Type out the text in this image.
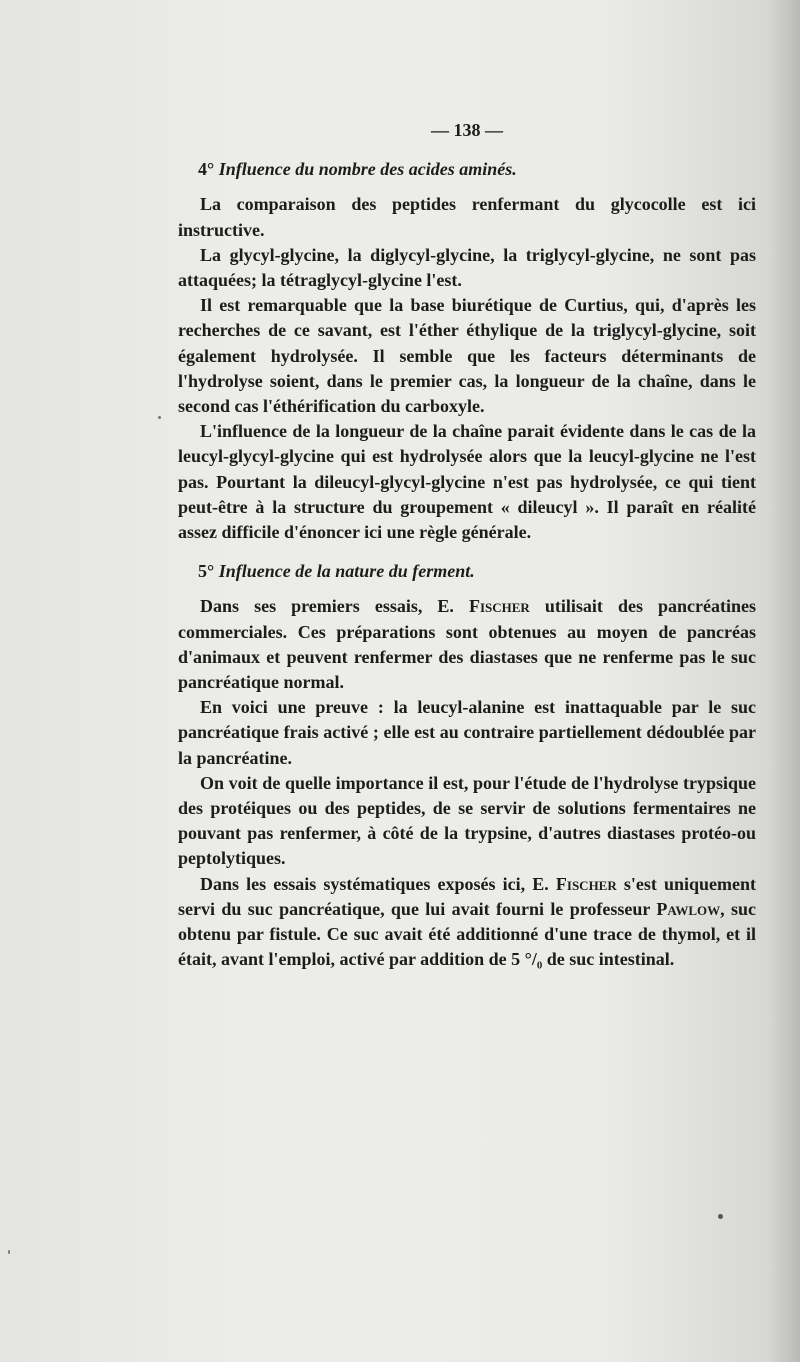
— 138 —
4° Influence du nombre des acides aminés.

La comparaison des peptides renfermant du glycocolle est ici instructive.

La glycyl-glycine, la diglycyl-glycine, la triglycyl-glycine, ne sont pas attaquées; la tétraglycyl-glycine l'est.

Il est remarquable que la base biurétique de Curtius, qui, d'après les recherches de ce savant, est l'éther éthylique de la triglycyl-glycine, soit également hydrolysée. Il semble que les facteurs déterminants de l'hydrolyse soient, dans le premier cas, la longueur de la chaîne, dans le second cas l'éthérification du carboxyle.

L'influence de la longueur de la chaîne parait évidente dans le cas de la leucyl-glycyl-glycine qui est hydrolysée alors que la leucyl-glycine ne l'est pas. Pourtant la dileucyl-glycyl-glycine n'est pas hydrolysée, ce qui tient peut-être à la structure du groupement « dileucyl ». Il paraît en réalité assez difficile d'énoncer ici une règle générale.

5° Influence de la nature du ferment.

Dans ses premiers essais, E. Fischer utilisait des pancréatines commerciales. Ces préparations sont obtenues au moyen de pancréas d'animaux et peuvent renfermer des diastases que ne renferme pas le suc pancréatique normal.

En voici une preuve : la leucyl-alanine est inattaquable par le suc pancréatique frais activé ; elle est au contraire partiellement dédoublée par la pancréatine.

On voit de quelle importance il est, pour l'étude de l'hydrolyse trypsique des protéiques ou des peptides, de se servir de solutions fermentaires ne pouvant pas renfermer, à côté de la trypsine, d'autres diastases protéo-ou peptolytiques.

Dans les essais systématiques exposés ici, E. Fischer s'est uniquement servi du suc pancréatique, que lui avait fourni le professeur Pawlow, suc obtenu par fistule. Ce suc avait été additionné d'une trace de thymol, et il était, avant l'emploi, activé par addition de 5 °/₀ de suc intestinal.
